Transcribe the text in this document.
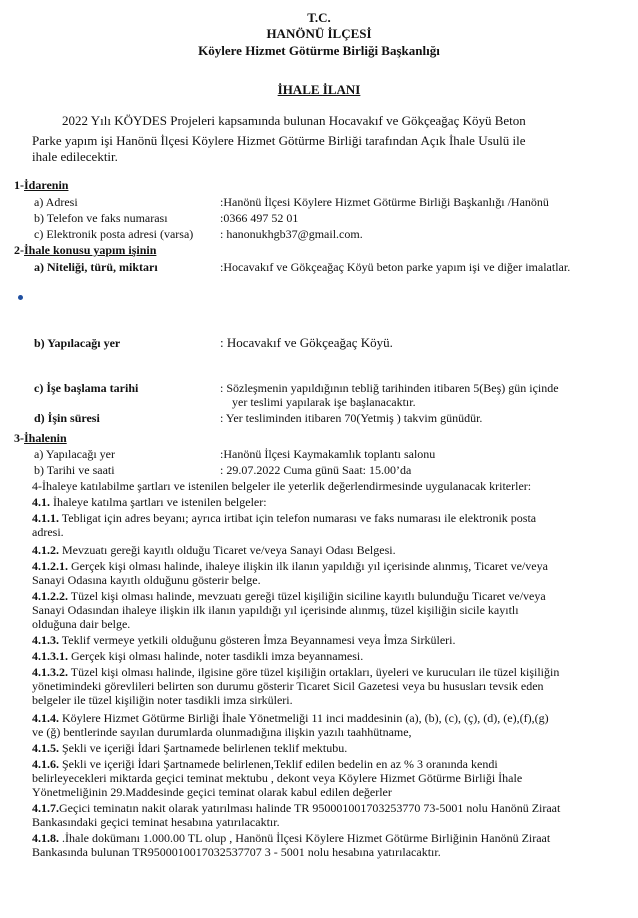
T.C.
HANÖNÜ İLÇESİ
Köylere Hizmet Götürme Birliği Başkanlığı
İHALE İLANI
2022 Yılı KÖYDES Projeleri kapsamında bulunan Hocavakıf ve Gökçeağaç Köyü Beton
Parke yapım işi Hanönü İlçesi Köylere Hizmet Götürme Birliği tarafından Açık İhale Usulü ile
ihale edilecektir.
1-İdarenin
a) Adresi	:Hanönü İlçesi Köylere Hizmet Götürme Birliği Başkanlığı /Hanönü
b) Telefon ve faks numarası	:0366 497 52 01
c) Elektronik posta adresi (varsa) : hanonukhgb37@gmail.com.
2-İhale konusu yapım işinin
a) Niteliği, türü, miktarı	:Hocavakıf ve Gökçeağaç Köyü beton parke yapım işi ve diğer imalatlar.
b) Yapılacağı yer	: Hocavakıf ve Gökçeağaç Köyü.
c) İşe başlama tarihi	: Sözleşmenin yapıldığının tebliğ tarihinden itibaren 5(Beş) gün içinde
yer teslimi yapılarak işe başlanacaktır.
d) İşin süresi	: Yer tesliminden itibaren 70(Yetmiş ) takvim günüdür.
3-İhalenin
a) Yapılacağı yer	:Hanönü İlçesi Kaymakamlık toplantı salonu
b) Tarihi ve saati	: 29.07.2022 Cuma günü Saat: 15.00’da
4-İhaleye katılabilme şartları ve istenilen belgeler ile yeterlik değerlendirmesinde uygulanacak kriterler:
4.1. İhaleye katılma şartları ve istenilen belgeler:
4.1.1. Tebligat için adres beyanı; ayrıca irtibat için telefon numarası ve faks numarası ile elektronik posta
adresi.
4.1.2. Mevzuatı gereği kayıtlı olduğu Ticaret ve/veya Sanayi Odası Belgesi.
4.1.2.1. Gerçek kişi olması halinde, ihaleye ilişkin ilk ilanın yapıldığı yıl içerisinde alınmış, Ticaret ve/veya
Sanayi Odasına kayıtlı olduğunu gösterir belge.
4.1.2.2. Tüzel kişi olması halinde, mevzuatı gereği tüzel kişiliğin siciline kayıtlı bulunduğu Ticaret ve/veya
Sanayi Odasından ihaleye ilişkin ilk ilanın yapıldığı yıl içerisinde alınmış, tüzel kişiliğin sicile kayıtlı
olduğuna dair belge.
4.1.3. Teklif vermeye yetkili olduğunu gösteren İmza Beyannamesi veya İmza Sirküleri.
4.1.3.1. Gerçek kişi olması halinde, noter tasdikli imza beyannamesi.
4.1.3.2. Tüzel kişi olması halinde, ilgisine göre tüzel kişiliğin ortakları, üyeleri ve kurucuları ile tüzel kişiliğin
yönetimindeki görevlileri belirten son durumu gösterir Ticaret Sicil Gazetesi veya bu hususları tevsik eden
belgeler ile tüzel kişiliğin noter tasdikli imza sirküleri.
4.1.4. Köylere Hizmet Götürme Birliği İhale Yönetmeliği 11 inci maddesinin (a), (b), (c), (ç), (d), (e),(f),(g)
ve (ğ) bentlerinde sayılan durumlarda olunmadığına ilişkin yazılı taahhütname,
4.1.5. Şekli ve içeriği İdari Şartnamede belirlenen teklif mektubu.
4.1.6. Şekli ve içeriği İdari Şartnamede belirlenen,Teklif edilen bedelin en az % 3 oranında kendi
belirleyecekleri miktarda geçici teminat mektubu , dekont veya Köylere Hizmet Götürme Birliği İhale
Yönetmeliğinin 29.Maddesinde geçici teminat olarak kabul edilen değerler
4.1.7.Geçici teminatın nakit olarak yatırılması halinde TR 950001001703253770 73-5001 nolu Hanönü Ziraat
Bankasındaki geçici teminat hesabına yatırılacaktır.
4.1.8. .İhale dokümanı 1.000.00 TL olup , Hanönü İlçesi Köylere Hizmet Götürme Birliğinin Hanönü Ziraat
Bankasında bulunan TR9500010017032537707 3 - 5001 nolu hesabına yatırılacaktır.
